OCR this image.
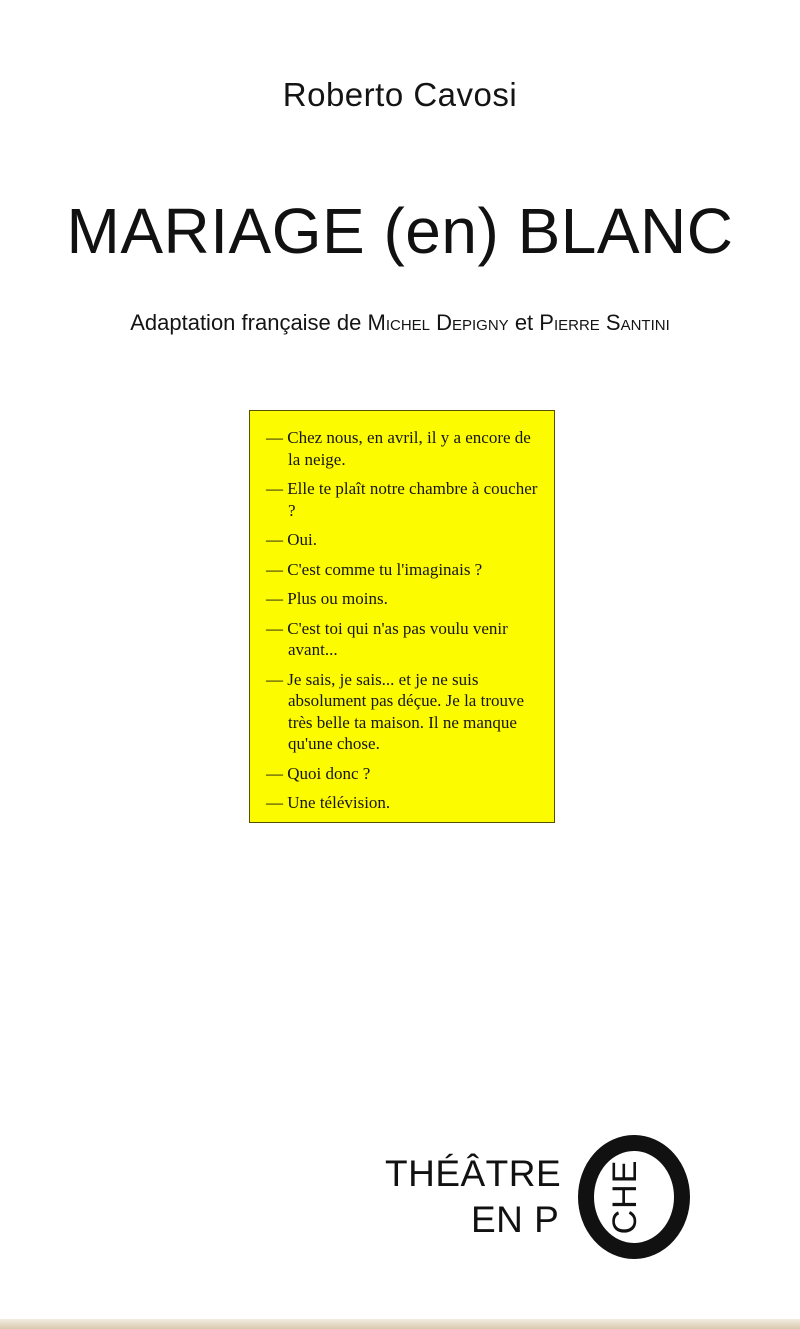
Roberto Cavosi
MARIAGE (en) BLANC
Adaptation française de Michel Depigny et Pierre Santini
— Chez nous, en avril, il y a encore de la neige.
— Elle te plaît notre chambre à coucher ?
— Oui.
— C'est comme tu l'imaginais ?
— Plus ou moins.
— C'est toi qui n'as pas voulu venir avant...
— Je sais, je sais... et je ne suis absolument pas déçue. Je la trouve très belle ta maison. Il ne manque qu'une chose.
— Quoi donc ?
— Une télévision.
THÉÂTRE
EN P CHE
